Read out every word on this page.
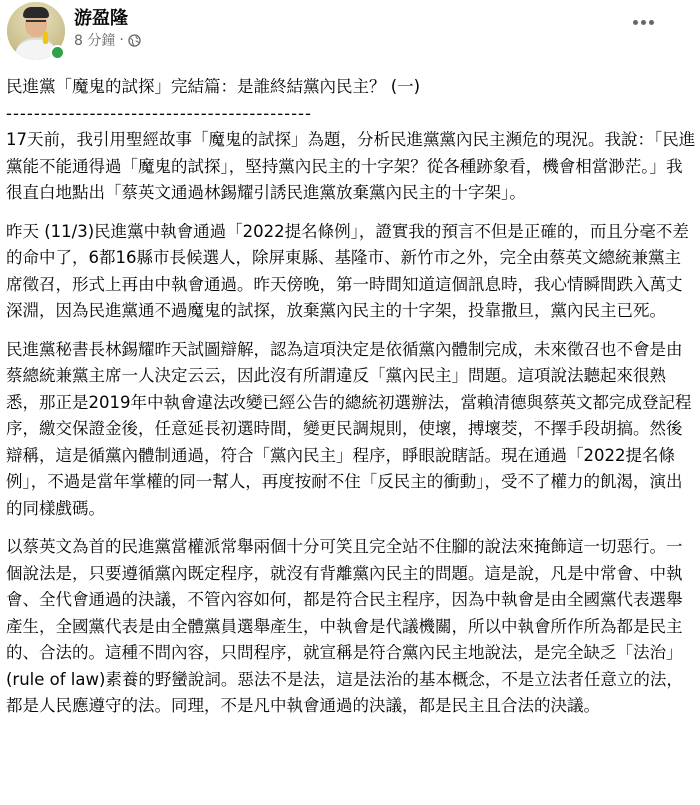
游盈隆
8 分鐘 ·

民進黨「魔鬼的試探」完結篇：是誰終結黨內民主？ (一)

--------------------------------------------

17天前，我引用聖經故事「魔鬼的試探」為題，分析民進黨黨內民主瀕危的現況。我說：「民進黨能不能通得過「魔鬼的試探」，堅持黨內民主的十字架？從各種跡象看，機會相當渺茫。」我很直白地點出「蔡英文通過林錫耀引誘民進黨放棄黨內民主的十字架」。

昨天 (11/3)民進黨中執會通過「2022提名條例」，證實我的預言不但是正確的，而且分毫不差的命中了，6都16縣市長候選人，除屏東縣、基隆市、新竹市之外，完全由蔡英文總統兼黨主席徵召，形式上再由中執會通過。昨天傍晚，第一時間知道這個訊息時，我心情瞬間跌入萬丈深淵，因為民進黨通不過魔鬼的試探，放棄黨內民主的十字架，投靠撒旦，黨內民主已死。

民進黨秘書長林錫耀昨天試圖辯解，認為這項決定是依循黨內體制完成，未來徵召也不會是由蔡總統兼黨主席一人決定云云，因此沒有所謂違反「黨內民主」問題。這項說法聽起來很熟悉，那正是2019年中執會違法改變已經公告的總統初選辦法，當賴清德與蔡英文都完成登記程序，繳交保證金後，任意延長初選時間，變更民調規則，使壞，搏壞茭，不擇手段胡搞。然後辯稱，這是循黨內體制通過，符合「黨內民主」程序，睜眼說瞎話。現在通過「2022提名條例」，不過是當年掌權的同一幫人，再度按耐不住「反民主的衝動」，受不了權力的飢渴，演出的同樣戲碼。

以蔡英文為首的民進黨當權派常舉兩個十分可笑且完全站不住腳的說法來掩飾這一切惡行。一個說法是，只要遵循黨內既定程序，就沒有背離黨內民主的問題。這是說，凡是中常會、中執會、全代會通過的決議，不管內容如何，都是符合民主程序，因為中執會是由全國黨代表選舉產生，全國黨代表是由全體黨員選舉產生，中執會是代議機關，所以中執會所作所為都是民主的、合法的。這種不問內容，只問程序，就宣稱是符合黨內民主地說法，是完全缺乏「法治」 (rule of law)素養的野蠻說詞。惡法不是法，這是法治的基本概念，不是立法者任意立的法，都是人民應遵守的法。同理，不是凡中執會通過的決議，都是民主且合法的決議。
